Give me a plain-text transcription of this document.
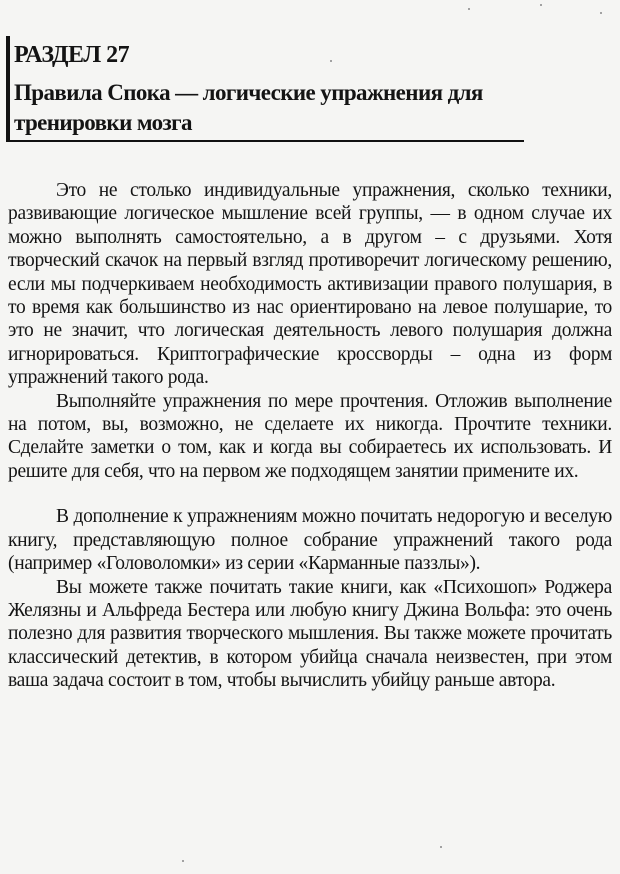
РАЗДЕЛ 27
Правила Спока — логические упражнения для тренировки мозга

Это не столько индивидуальные упражнения, сколько техники, развивающие логическое мышление всей группы, — в одном случае их можно выполнять самостоятельно, а в другом – с друзьями. Хотя творческий скачок на первый взгляд противоречит логическому решению, если мы подчеркиваем необходимость активизации правого полушария, в то время как большинство из нас ориентировано на левое полушарие, то это не значит, что логическая деятельность левого полушария должна игнорироваться. Криптографические кроссворды – одна из форм упражнений такого рода.

Выполняйте упражнения по мере прочтения. Отложив выполнение на потом, вы, возможно, не сделаете их никогда. Прочтите техники. Сделайте заметки о том, как и когда вы собираетесь их использовать. И решите для себя, что на первом же подходящем занятии примените их.

В дополнение к упражнениям можно почитать недорогую и веселую книгу, представляющую полное собрание упражнений такого рода (например «Головоломки» из серии «Карманные паззлы»).

Вы можете также почитать такие книги, как «Психошоп» Роджера Желязны и Альфреда Бестера или любую книгу Джина Вольфа: это очень полезно для развития творческого мышления. Вы также можете прочитать классический детектив, в котором убийца сначала неизвестен, при этом ваша задача состоит в том, чтобы вычислить убийцу раньше автора.
